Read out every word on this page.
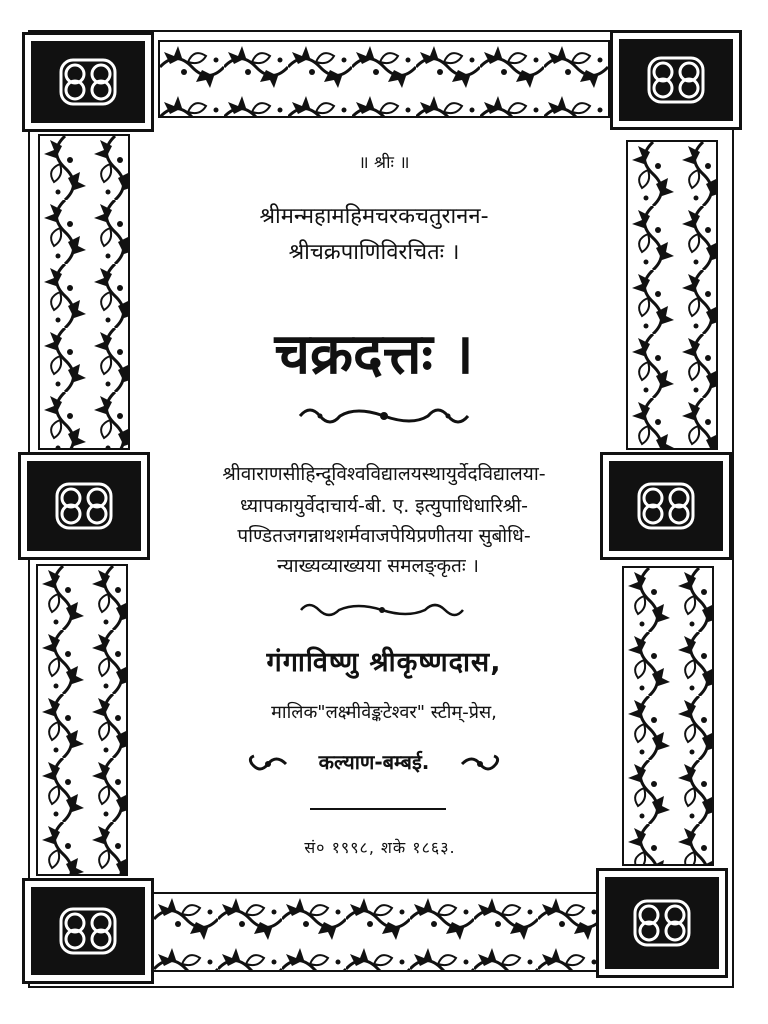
॥ श्रीः ॥
श्रीमन्महामहिमचरकचतुरानन-
श्रीचक्रपाणिविरचितः ।
चक्रदत्तः ।
श्रीवाराणसीहिन्दूविश्वविद्यालयस्थायुर्वेदविद्यालया-
ध्यापकायुर्वेदाचार्य-बी. ए. इत्युपाधिधारिश्री-
पण्डितजगन्नाथशर्मवाजपेयिप्रणीतया सुबोधि-
न्याख्यव्याख्यया समलङ्कृतः ।
गंगाविष्णु श्रीकृष्णदास,
मालिक"लक्ष्मीवेङ्कटेश्वर" स्टीम्-प्रेस,
कल्याण-बम्बई.
सं० १९९८, शके १८६३.
